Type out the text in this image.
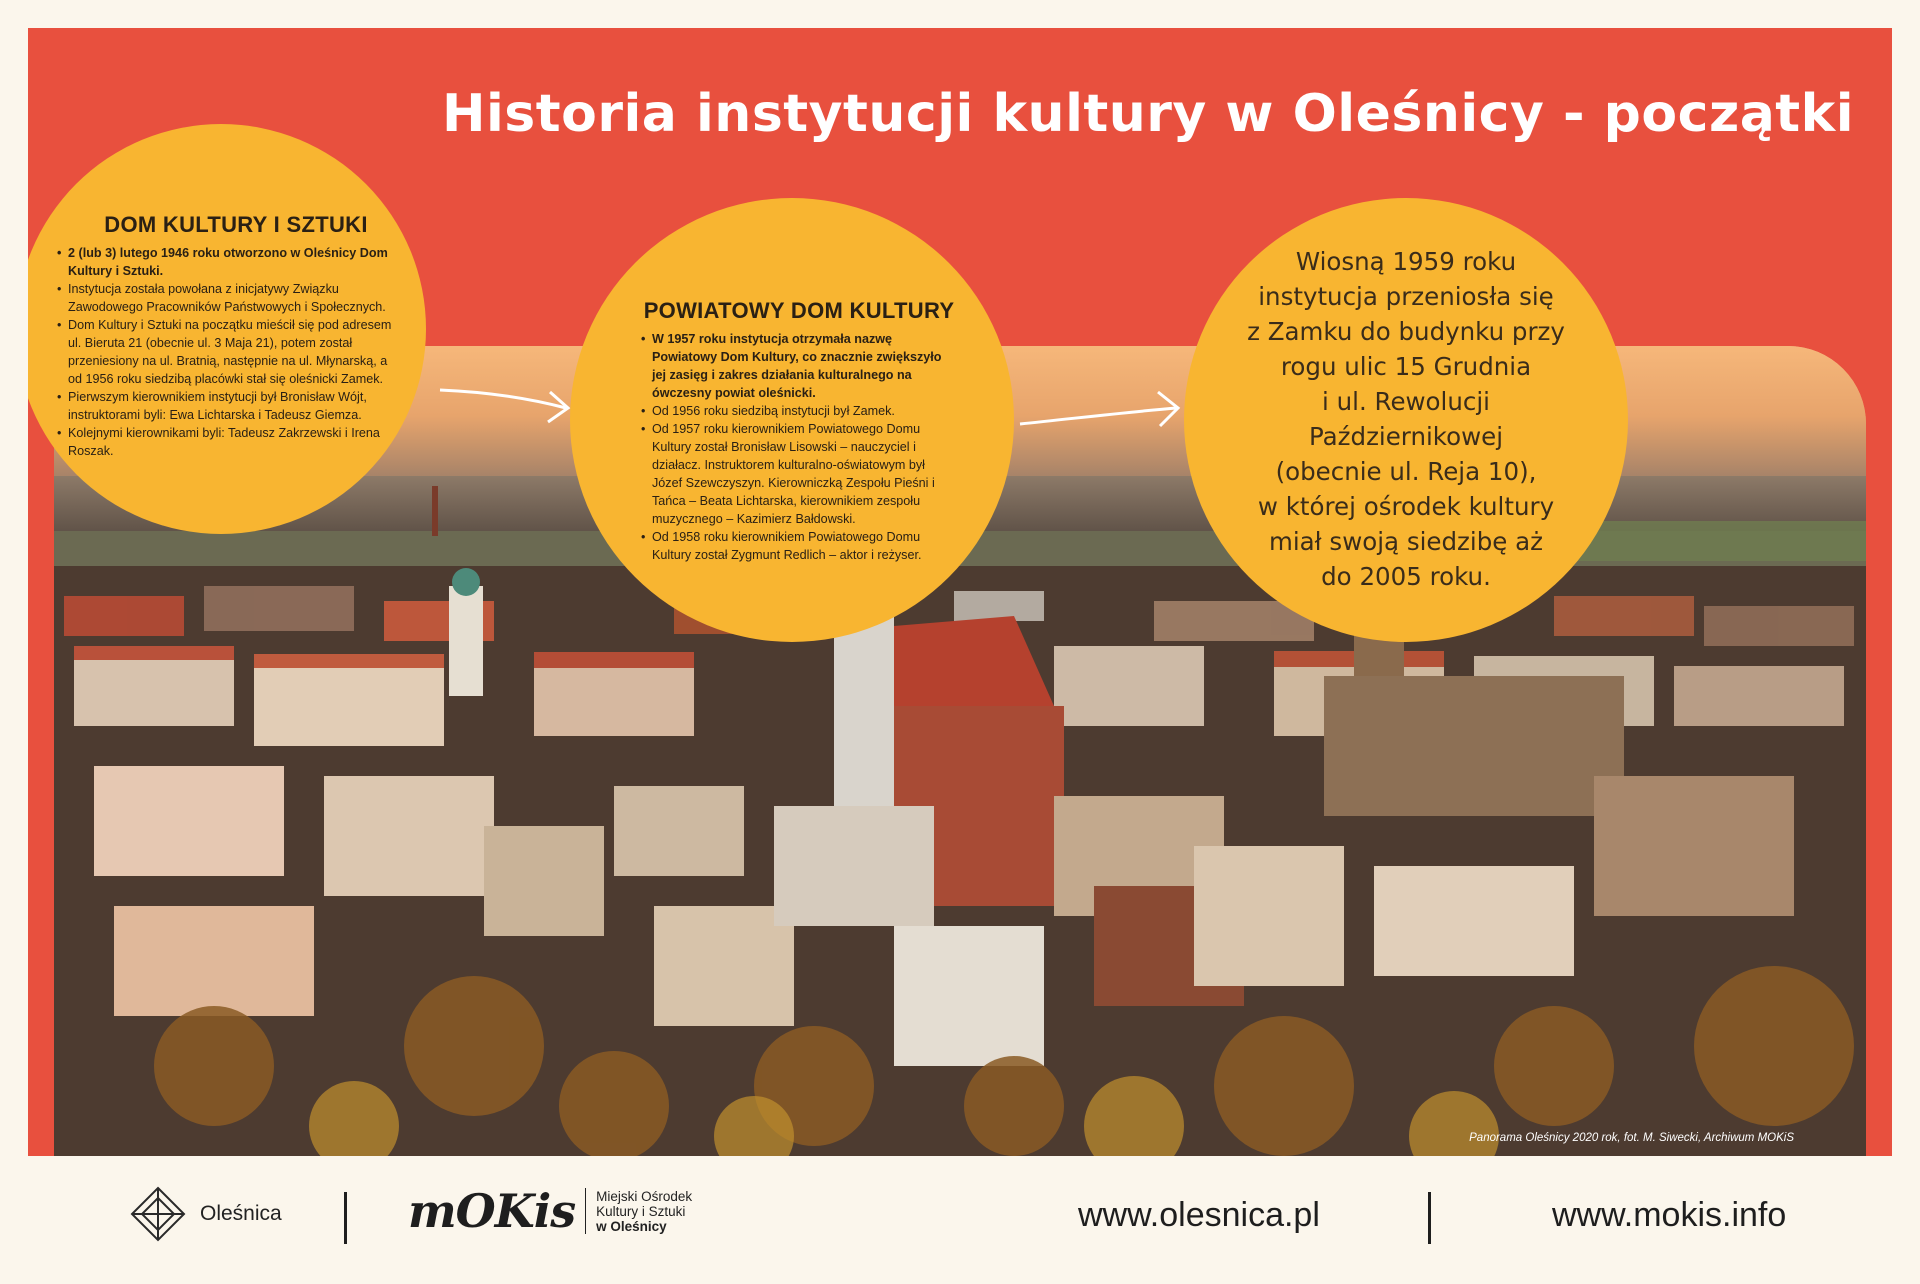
Historia instytucji kultury w Oleśnicy - początki
DOM KULTURY I SZTUKI
• 2 (lub 3) lutego 1946 roku otworzono w Oleśnicy Dom Kultury i Sztuki.
• Instytucja została powołana z inicjatywy Związku Zawodowego Pracowników Państwowych i Społecznych.
• Dom Kultury i Sztuki na początku mieścił się pod adresem ul. Bieruta 21 (obecnie ul. 3 Maja 21), potem został przeniesiony na ul. Bratnią, następnie na ul. Młynarską, a od 1956 roku siedzibą placówki stał się oleśnicki Zamek.
• Pierwszym kierownikiem instytucji był Bronisław Wójt, instruktorami byli: Ewa Lichtarska i Tadeusz Giemza.
• Kolejnymi kierownikami byli: Tadeusz Zakrzewski i Irena Roszak.
POWIATOWY DOM KULTURY
• W 1957 roku instytucja otrzymała nazwę Powiatowy Dom Kultury, co znacznie zwiększyło jej zasięg i zakres działania kulturalnego na ówczesny powiat oleśnicki.
• Od 1956 roku siedzibą instytucji był Zamek.
• Od 1957 roku kierownikiem Powiatowego Domu Kultury został Bronisław Lisowski – nauczyciel i działacz. Instruktorem kulturalno-oświatowym był Józef Szewczyszyn. Kierowniczką Zespołu Pieśni i Tańca – Beata Lichtarska, kierownikiem zespołu muzycznego – Kazimierz Bałdowski.
• Od 1958 roku kierownikiem Powiatowego Domu Kultury został Zygmunt Redlich – aktor i reżyser.
Wiosną 1959 roku
instytucja przeniosła się
z Zamku do budynku przy
rogu ulic 15 Grudnia
i ul. Rewolucji
Październikowej
(obecnie ul. Reja 10),
w której ośrodek kultury
miał swoją siedzibę aż
do 2005 roku.
Panorama Oleśnicy 2020 rok, fot. M. Siwecki, Archiwum MOKiS
Oleśnica	mOKis Miejski Ośrodek
Kultury i Sztuki
w Oleśnicy	www.olesnica.pl	www.mokis.info
